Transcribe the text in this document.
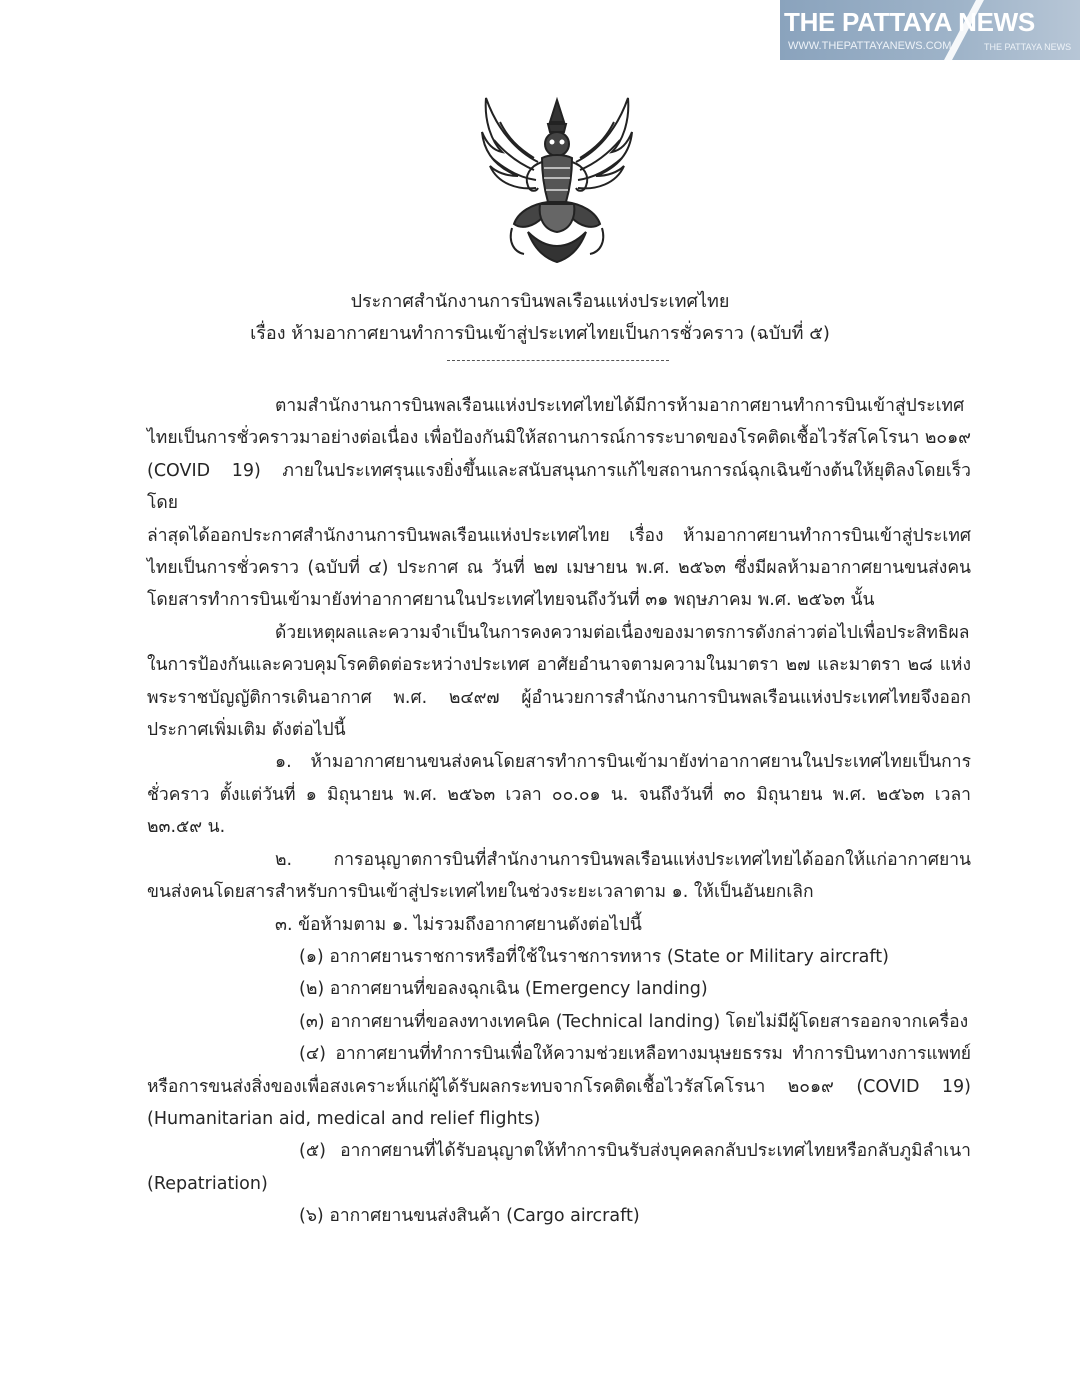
THE PATTAYA NEWS
WWW.THEPATTAYANEWS.COM	THE PATTAYA NEWS
ประกาศสำนักงานการบินพลเรือนแห่งประเทศไทย
เรื่อง ห้ามอากาศยานทำการบินเข้าสู่ประเทศไทยเป็นการชั่วคราว (ฉบับที่ ๕)
ตามสำนักงานการบินพลเรือนแห่งประเทศไทยได้มีการห้ามอากาศยานทำการบินเข้าสู่ประเทศ
ไทยเป็นการชั่วคราวมาอย่างต่อเนื่อง เพื่อป้องกันมิให้สถานการณ์การระบาดของโรคติดเชื้อไวรัสโคโรนา ๒๐๑๙
(COVID 19) ภายในประเทศรุนแรงยิ่งขึ้นและสนับสนุนการแก้ไขสถานการณ์ฉุกเฉินข้างต้นให้ยุติลงโดยเร็ว โดย
ล่าสุดได้ออกประกาศสำนักงานการบินพลเรือนแห่งประเทศไทย เรื่อง ห้ามอากาศยานทำการบินเข้าสู่ประเทศ
ไทยเป็นการชั่วคราว (ฉบับที่ ๔) ประกาศ ณ วันที่ ๒๗ เมษายน พ.ศ. ๒๕๖๓ ซึ่งมีผลห้ามอากาศยานขนส่งคน
โดยสารทำการบินเข้ามายังท่าอากาศยานในประเทศไทยจนถึงวันที่ ๓๑ พฤษภาคม พ.ศ. ๒๕๖๓ นั้น
ด้วยเหตุผลและความจำเป็นในการคงความต่อเนื่องของมาตรการดังกล่าวต่อไปเพื่อประสิทธิผล
ในการป้องกันและควบคุมโรคติดต่อระหว่างประเทศ อาศัยอำนาจตามความในมาตรา ๒๗ และมาตรา ๒๘ แห่ง
พระราชบัญญัติการเดินอากาศ พ.ศ. ๒๔๙๗ ผู้อำนวยการสำนักงานการบินพลเรือนแห่งประเทศไทยจึงออก
ประกาศเพิ่มเติม ดังต่อไปนี้
๑. ห้ามอากาศยานขนส่งคนโดยสารทำการบินเข้ามายังท่าอากาศยานในประเทศไทยเป็นการ
ชั่วคราว ตั้งแต่วันที่ ๑ มิถุนายน พ.ศ. ๒๕๖๓ เวลา ๐๐.๐๑ น. จนถึงวันที่ ๓๐ มิถุนายน พ.ศ. ๒๕๖๓ เวลา
๒๓.๕๙ น.
๒. การอนุญาตการบินที่สำนักงานการบินพลเรือนแห่งประเทศไทยได้ออกให้แก่อากาศยาน
ขนส่งคนโดยสารสำหรับการบินเข้าสู่ประเทศไทยในช่วงระยะเวลาตาม ๑. ให้เป็นอันยกเลิก
๓. ข้อห้ามตาม ๑. ไม่รวมถึงอากาศยานดังต่อไปนี้
(๑) อากาศยานราชการหรือที่ใช้ในราชการทหาร (State or Military aircraft)
(๒) อากาศยานที่ขอลงฉุกเฉิน (Emergency landing)
(๓) อากาศยานที่ขอลงทางเทคนิค (Technical landing) โดยไม่มีผู้โดยสารออกจากเครื่อง
(๔) อากาศยานที่ทำการบินเพื่อให้ความช่วยเหลือทางมนุษยธรรม ทำการบินทางการแพทย์
หรือการขนส่งสิ่งของเพื่อสงเคราะห์แก่ผู้ได้รับผลกระทบจากโรคติดเชื้อไวรัสโคโรนา ๒๐๑๙ (COVID 19)
(Humanitarian aid, medical and relief flights)
(๕) อากาศยานที่ได้รับอนุญาตให้ทำการบินรับส่งบุคคลกลับประเทศไทยหรือกลับภูมิลำเนา
(Repatriation)
(๖) อากาศยานขนส่งสินค้า (Cargo aircraft)
